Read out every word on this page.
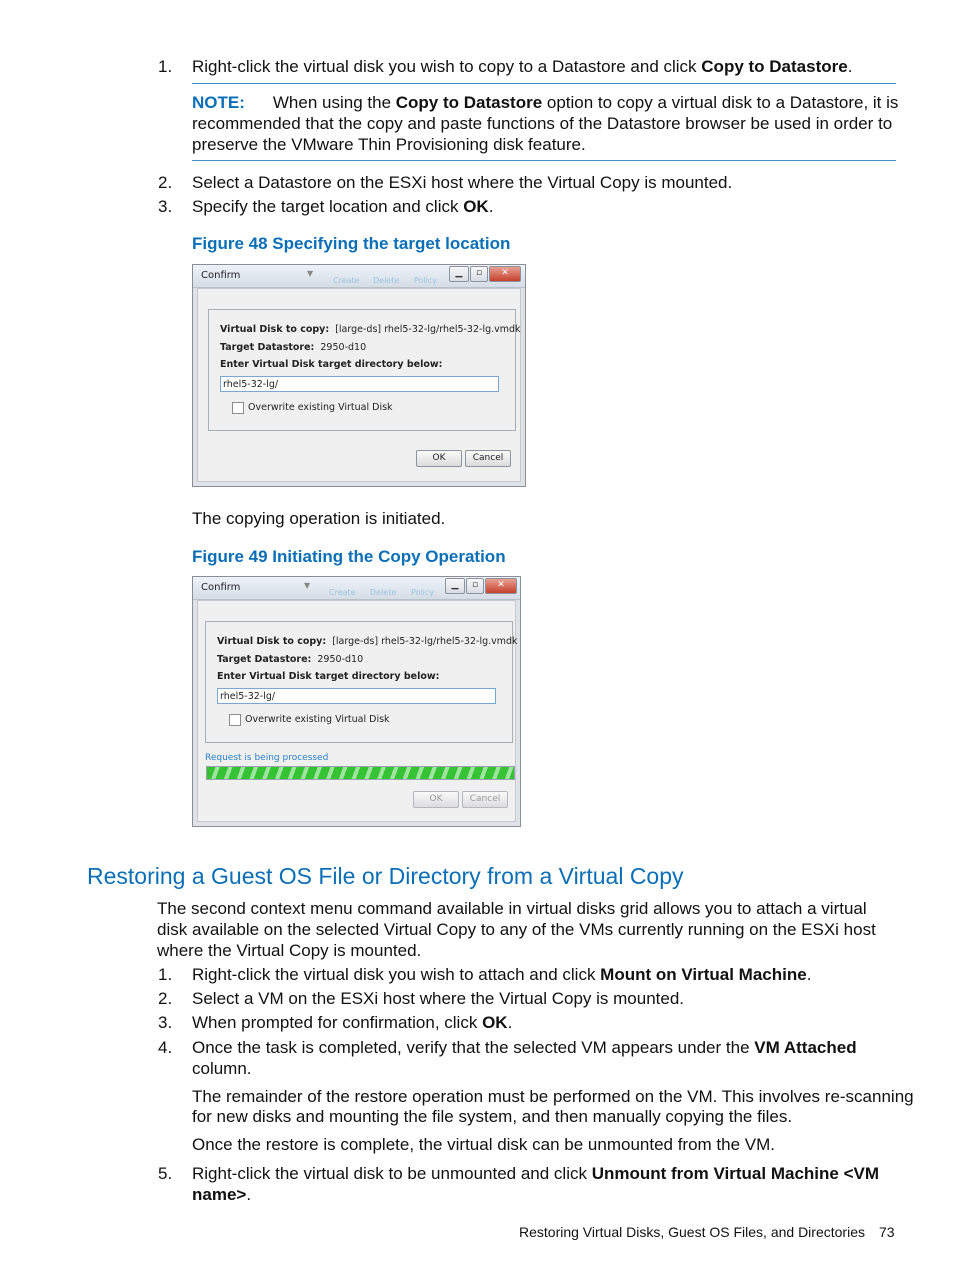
1. Right-click the virtual disk you wish to copy to a Datastore and click Copy to Datastore.
NOTE: When using the Copy to Datastore option to copy a virtual disk to a Datastore, it is
recommended that the copy and paste functions of the Datastore browser be used in order to
preserve the VMware Thin Provisioning disk feature.
2. Select a Datastore on the ESXi host where the Virtual Copy is mounted.
3. Specify the target location and click OK.
Figure 48 Specifying the target location
Confirm	▼
Create Delete Policy
▁	▫	✕
Virtual Disk to copy: [large-ds] rhel5-32-lg/rhel5-32-lg.vmdk
Target Datastore: 2950-d10
Enter Virtual Disk target directory below:
rhel5-32-lg/
Overwrite existing Virtual Disk
OK	Cancel
The copying operation is initiated.
Figure 49 Initiating the Copy Operation
Confirm	▼
Create Delete Policy
▁	▫	✕
Virtual Disk to copy: [large-ds] rhel5-32-lg/rhel5-32-lg.vmdk
Target Datastore: 2950-d10
Enter Virtual Disk target directory below:
rhel5-32-lg/
Overwrite existing Virtual Disk
Request is being processed
OK	Cancel
Restoring a Guest OS File or Directory from a Virtual Copy
The second context menu command available in virtual disks grid allows you to attach a virtual
disk available on the selected Virtual Copy to any of the VMs currently running on the ESXi host
where the Virtual Copy is mounted.
1. Right-click the virtual disk you wish to attach and click Mount on Virtual Machine.
2. Select a VM on the ESXi host where the Virtual Copy is mounted.
3. When prompted for confirmation, click OK.
4. Once the task is completed, verify that the selected VM appears under the VM Attached
column.
The remainder of the restore operation must be performed on the VM. This involves re-scanning
for new disks and mounting the file system, and then manually copying the files.
Once the restore is complete, the virtual disk can be unmounted from the VM.
5. Right-click the virtual disk to be unmounted and click Unmount from Virtual Machine <VM
name>.
Restoring Virtual Disks, Guest OS Files, and Directories 73
